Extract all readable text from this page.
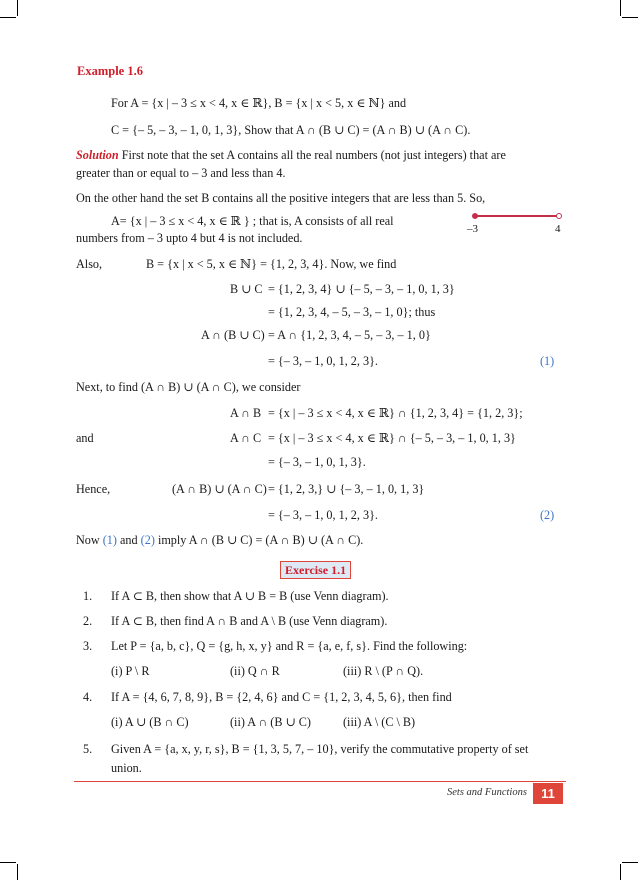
Example 1.6
For A = {x | – 3 ≤ x < 4, x ∈ ℝ}, B = {x | x < 5, x ∈ ℕ} and
C = {– 5, – 3, – 1, 0, 1, 3}, Show that A ∩ (B ∪ C) = (A ∩ B) ∪ (A ∩ C).
Solution First note that the set A contains all the real numbers (not just integers) that are
greater than or equal to – 3 and less than 4.
On the other hand the set B contains all the positive integers that are less than 5. So,
A= {x | – 3 ≤ x < 4, x ∈ ℝ } ; that is, A consists of all real
numbers from – 3 upto 4 but 4 is not included.
–3	4
Also,	B = {x | x < 5, x ∈ ℕ} = {1, 2, 3, 4}. Now, we find
B ∪ C = {1, 2, 3, 4} ∪ {– 5, – 3, – 1, 0, 1, 3}
= {1, 2, 3, 4, – 5, – 3, – 1, 0}; thus
A ∩ (B ∪ C) = A ∩ {1, 2, 3, 4, – 5, – 3, – 1, 0}
= {– 3, – 1, 0, 1, 2, 3}.	(1)
Next, to find (A ∩ B) ∪ (A ∩ C), we consider
A ∩ B = {x | – 3 ≤ x < 4, x ∈ ℝ} ∩ {1, 2, 3, 4} = {1, 2, 3};
and	A ∩ C = {x | – 3 ≤ x < 4, x ∈ ℝ} ∩ {– 5, – 3, – 1, 0, 1, 3}
= {– 3, – 1, 0, 1, 3}.
Hence,	(A ∩ B) ∪ (A ∩ C) = {1, 2, 3,} ∪ {– 3, – 1, 0, 1, 3}
= {– 3, – 1, 0, 1, 2, 3}.	(2)
Now (1) and (2) imply A ∩ (B ∪ C) = (A ∩ B) ∪ (A ∩ C).
Exercise 1.1
1. If A ⊂ B, then show that A ∪ B = B (use Venn diagram).
2. If A ⊂ B, then find A ∩ B and A \ B (use Venn diagram).
3. Let P = {a, b, c}, Q = {g, h, x, y} and R = {a, e, f, s}. Find the following:
(i) P \ R	(ii) Q ∩ R	(iii) R \ (P ∩ Q).
4. If A = {4, 6, 7, 8, 9}, B = {2, 4, 6} and C = {1, 2, 3, 4, 5, 6}, then find
(i) A ∪ (B ∩ C)	(ii) A ∩ (B ∪ C)	(iii) A \ (C \ B)
5. Given A = {a, x, y, r, s}, B = {1, 3, 5, 7, – 10}, verify the commutative property of set
union.
Sets and Functions	11
